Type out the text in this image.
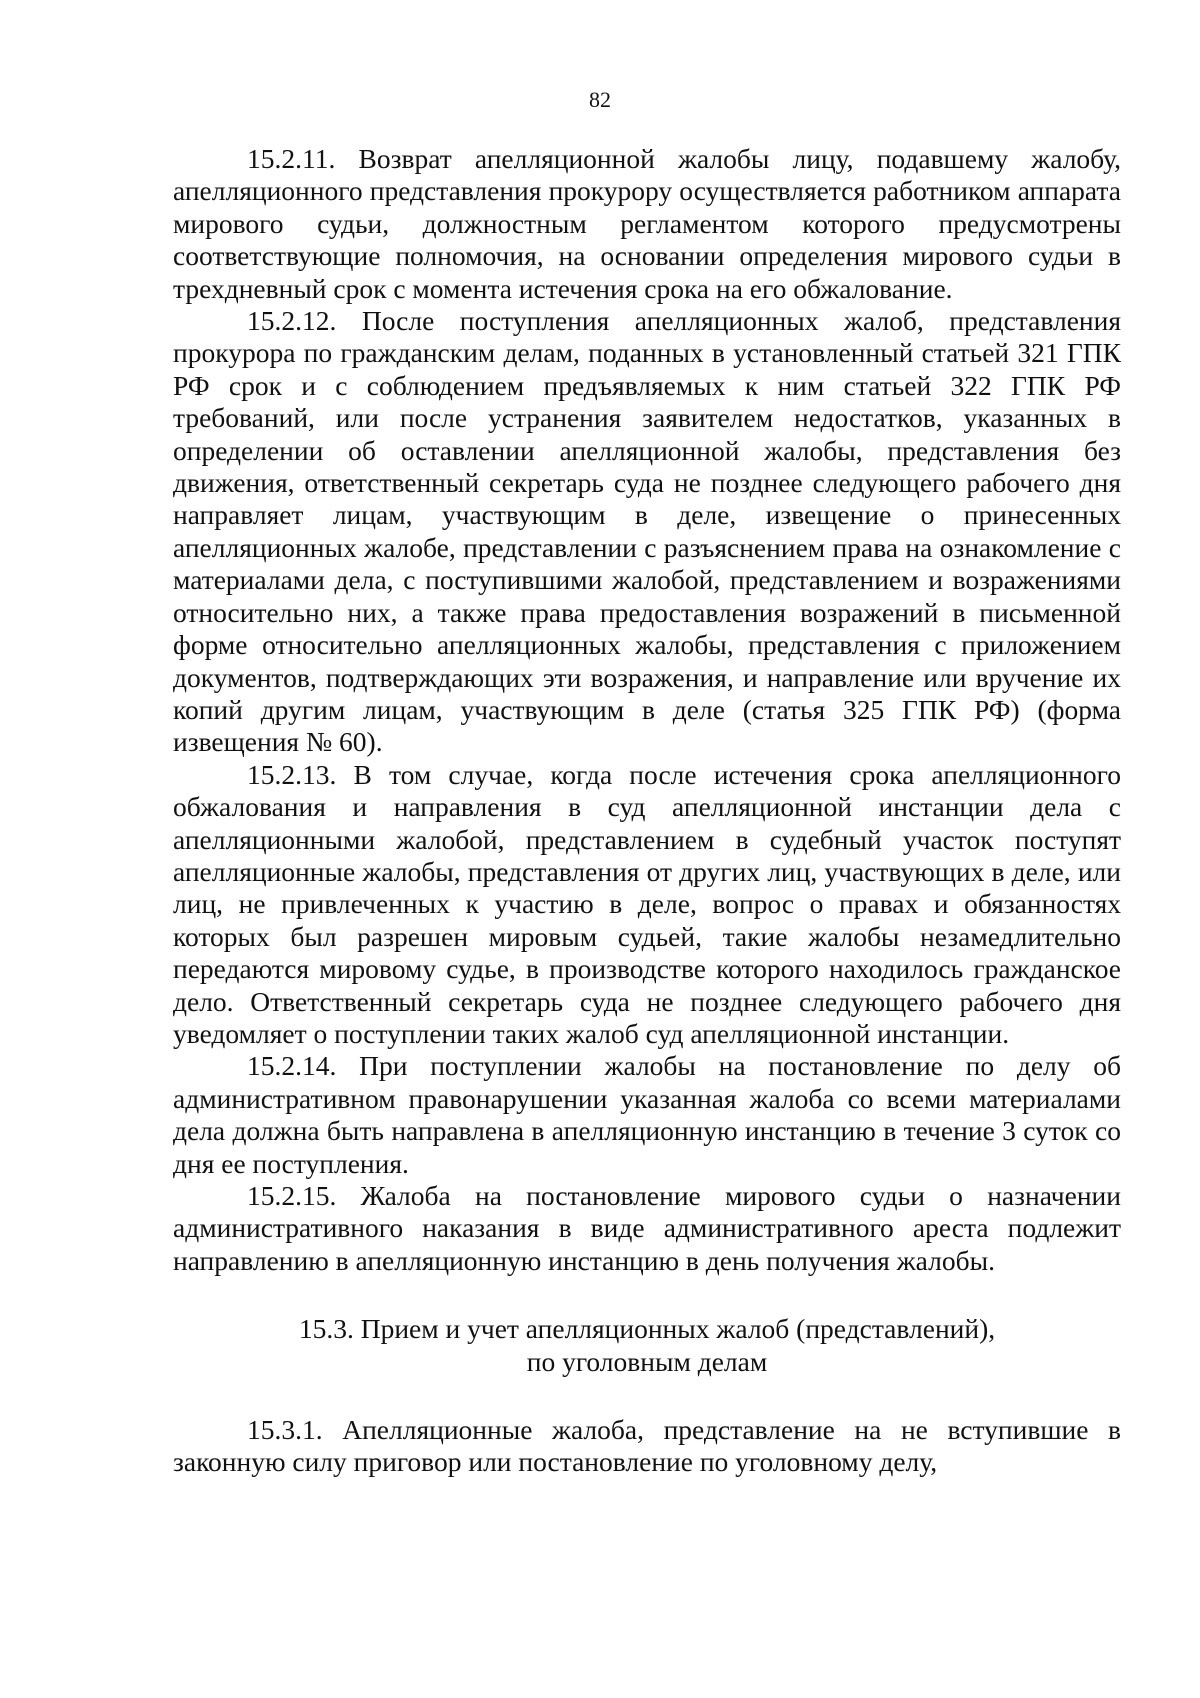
82

15.2.11. Возврат апелляционной жалобы лицу, подавшему жалобу, апелляционного представления прокурору осуществляется работником аппарата мирового судьи, должностным регламентом которого предусмотрены соответствующие полномочия, на основании определения мирового судьи в трехдневный срок с момента истечения срока на его обжалование.

15.2.12. После поступления апелляционных жалоб, представления прокурора по гражданским делам, поданных в установленный статьей 321 ГПК РФ срок и с соблюдением предъявляемых к ним статьей 322 ГПК РФ требований, или после устранения заявителем недостатков, указанных в определении об оставлении апелляционной жалобы, представления без движения, ответственный секретарь суда не позднее следующего рабочего дня направляет лицам, участвующим в деле, извещение о принесенных апелляционных жалобе, представлении с разъяснением права на ознакомление с материалами дела, с поступившими жалобой, представлением и возражениями относительно них, а также права предоставления возражений в письменной форме относительно апелляционных жалобы, представления с приложением документов, подтверждающих эти возражения, и направление или вручение их копий другим лицам, участвующим в деле (статья 325 ГПК РФ) (форма извещения № 60).

15.2.13. В том случае, когда после истечения срока апелляционного обжалования и направления в суд апелляционной инстанции дела с апелляционными жалобой, представлением в судебный участок поступят апелляционные жалобы, представления от других лиц, участвующих в деле, или лиц, не привлеченных к участию в деле, вопрос о правах и обязанностях которых был разрешен мировым судьей, такие жалобы незамедлительно передаются мировому судье, в производстве которого находилось гражданское дело. Ответственный секретарь суда не позднее следующего рабочего дня уведомляет о поступлении таких жалоб суд апелляционной инстанции.

15.2.14. При поступлении жалобы на постановление по делу об административном правонарушении указанная жалоба со всеми материалами дела должна быть направлена в апелляционную инстанцию в течение 3 суток со дня ее поступления.

15.2.15. Жалоба на постановление мирового судьи о назначении административного наказания в виде административного ареста подлежит направлению в апелляционную инстанцию в день получения жалобы.

15.3. Прием и учет апелляционных жалоб (представлений),
по уголовным делам

15.3.1. Апелляционные жалоба, представление на не вступившие в законную силу приговор или постановление по уголовному делу,
